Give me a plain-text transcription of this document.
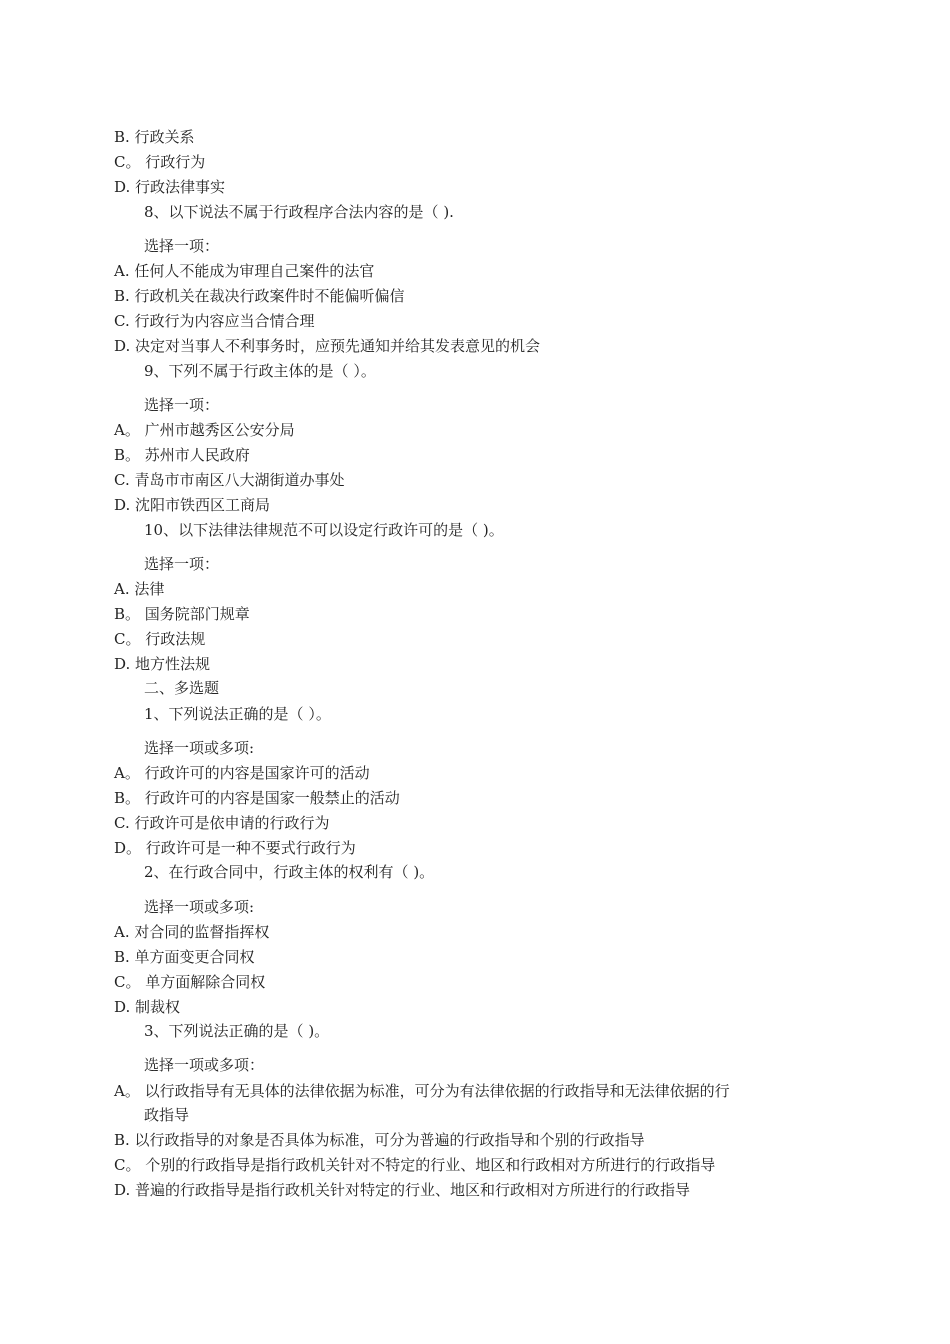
B. 行政关系
C。 行政行为
D. 行政法律事实
8、以下说法不属于行政程序合法内容的是（ ).
选择一项：
A. 任何人不能成为审理自己案件的法官
B. 行政机关在裁决行政案件时不能偏听偏信
C. 行政行为内容应当合情合理
D. 决定对当事人不利事务时，应预先通知并给其发表意见的机会
9、下列不属于行政主体的是（ ）。
选择一项：
A。 广州市越秀区公安分局
B。 苏州市人民政府
C. 青岛市市南区八大湖街道办事处
D. 沈阳市铁西区工商局
10、以下法律法律规范不可以设定行政许可的是（ )。
选择一项：
A. 法律
B。 国务院部门规章
C。 行政法规
D. 地方性法规
二、多选题
1、下列说法正确的是（ ）。
选择一项或多项:
A。 行政许可的内容是国家许可的活动
B。 行政许可的内容是国家一般禁止的活动
C. 行政许可是依申请的行政行为
D。 行政许可是一种不要式行政行为
2、在行政合同中，行政主体的权利有（ )。
选择一项或多项:
A. 对合同的监督指挥权
B. 单方面变更合同权
C。 单方面解除合同权
D. 制裁权
3、下列说法正确的是（ )。
选择一项或多项：
A。 以行政指导有无具体的法律依据为标准，可分为有法律依据的行政指导和无法律依据的行
政指导
B. 以行政指导的对象是否具体为标准，可分为普遍的行政指导和个别的行政指导
C。 个别的行政指导是指行政机关针对不特定的行业、地区和行政相对方所进行的行政指导
D. 普遍的行政指导是指行政机关针对特定的行业、地区和行政相对方所进行的行政指导
